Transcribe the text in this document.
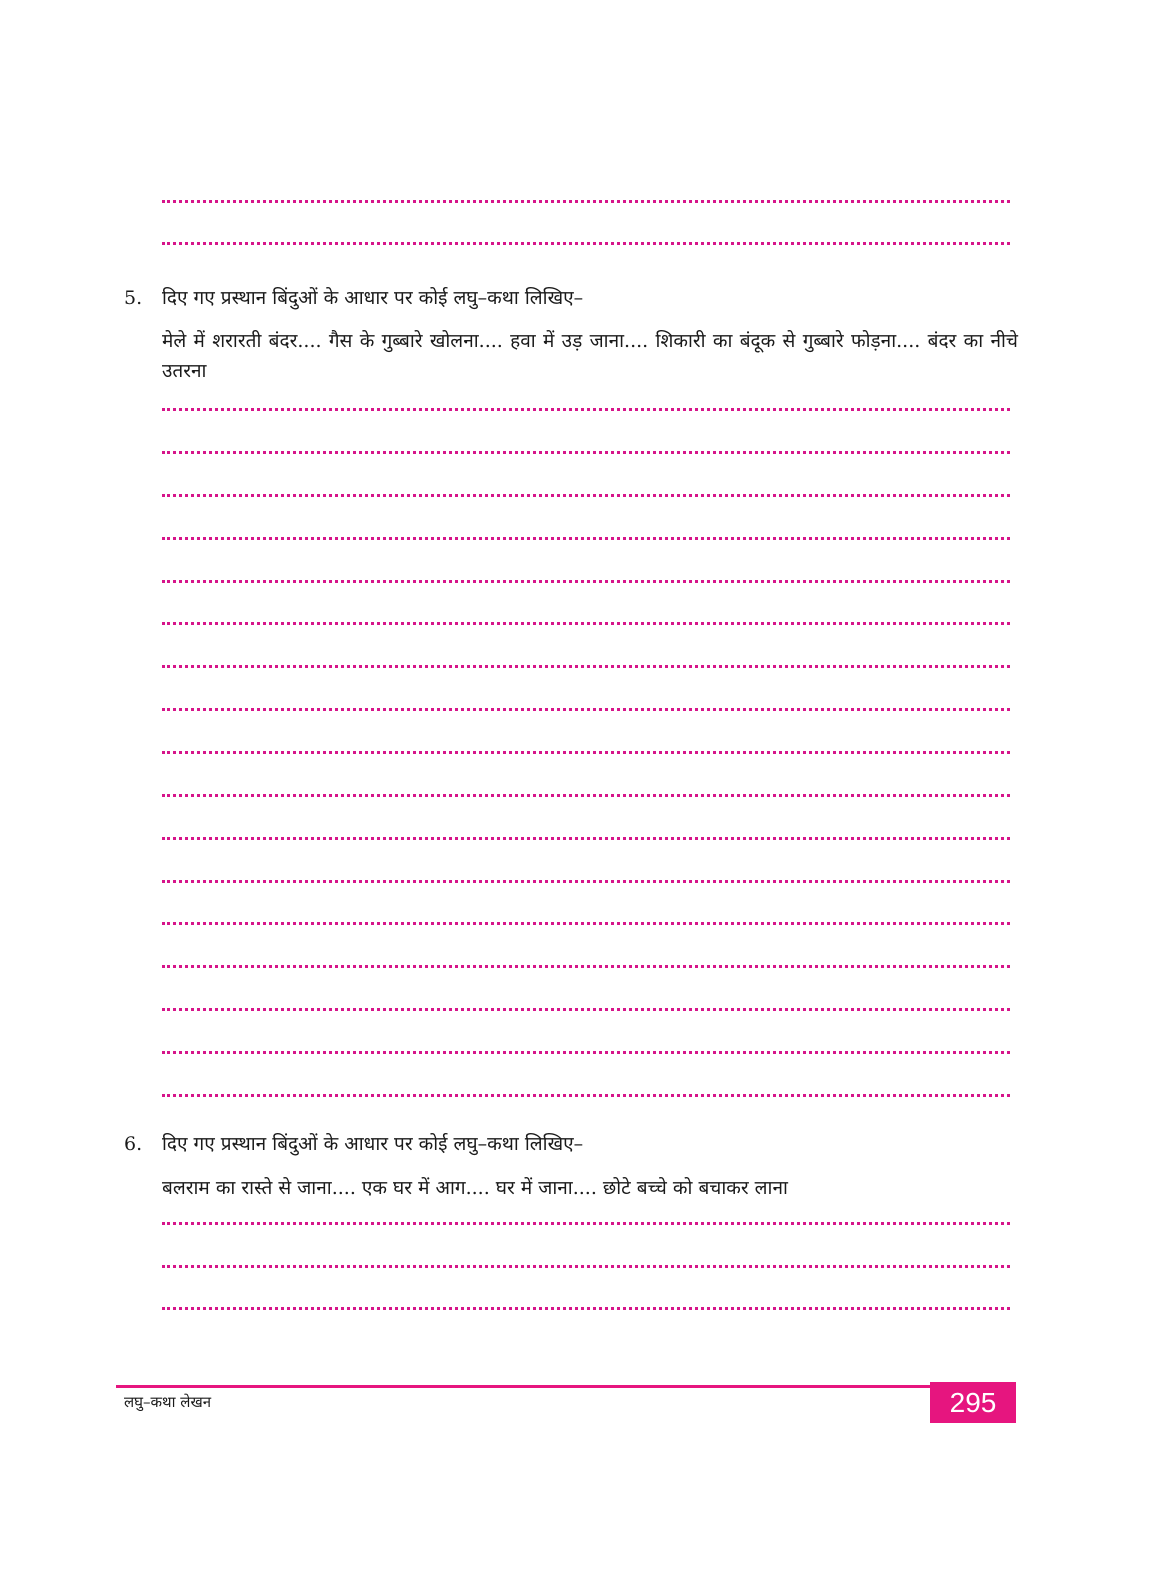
5. दिए गए प्रस्थान बिंदुओं के आधार पर कोई लघु–कथा लिखिए–
मेले में शरारती बंदर.... गैस के गुब्बारे खोलना.... हवा में उड़ जाना.... शिकारी का बंदूक से गुब्बारे फोड़ना.... बंदर का नीचे उतरना
6. दिए गए प्रस्थान बिंदुओं के आधार पर कोई लघु–कथा लिखिए–
बलराम का रास्ते से जाना.... एक घर में आग.... घर में जाना.... छोटे बच्चे को बचाकर लाना
लघु–कथा लेखन	295
